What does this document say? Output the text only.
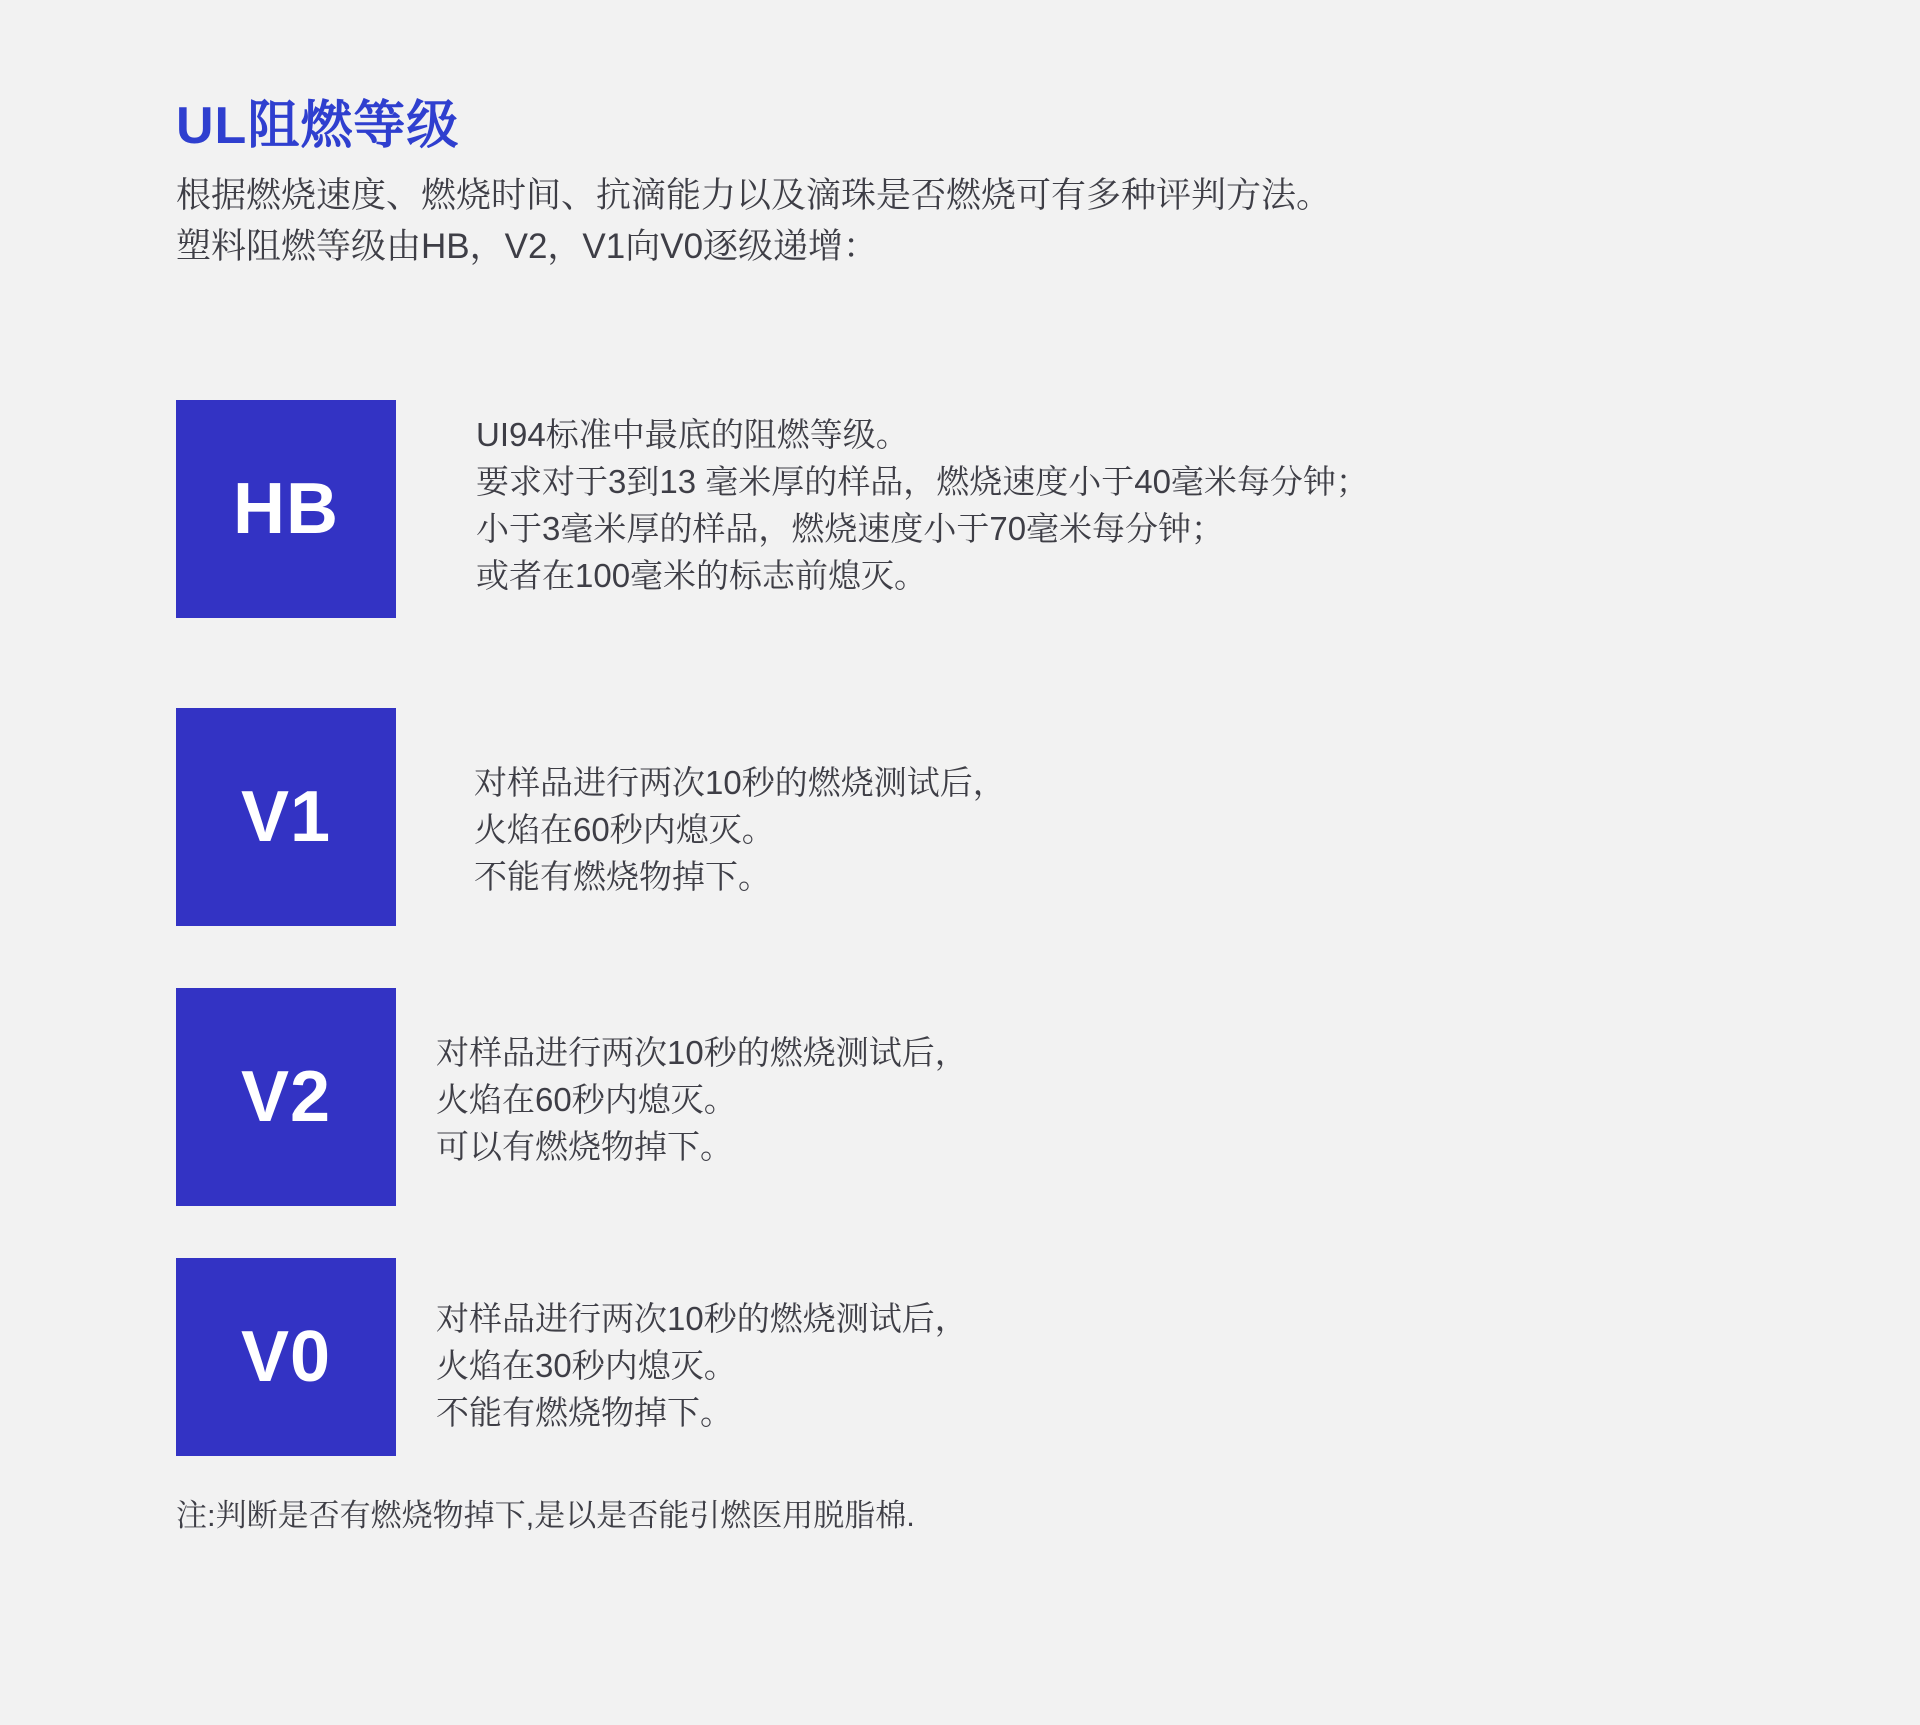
UL阻燃等级
根据燃烧速度、燃烧时间、抗滴能力以及滴珠是否燃烧可有多种评判方法。
塑料阻燃等级由HB，V2，V1向V0逐级递增：
HB
UI94标准中最底的阻燃等级。
要求对于3到13 毫米厚的样品，燃烧速度小于40毫米每分钟；
小于3毫米厚的样品，燃烧速度小于70毫米每分钟；
或者在100毫米的标志前熄灭。
V1	对样品进行两次10秒的燃烧测试后，
火焰在60秒内熄灭。
不能有燃烧物掉下。
V2
对样品进行两次10秒的燃烧测试后，
火焰在60秒内熄灭。
可以有燃烧物掉下。
V0	对样品进行两次10秒的燃烧测试后，
火焰在30秒内熄灭。
不能有燃烧物掉下。
注:判断是否有燃烧物掉下,是以是否能引燃医用脱脂棉.
